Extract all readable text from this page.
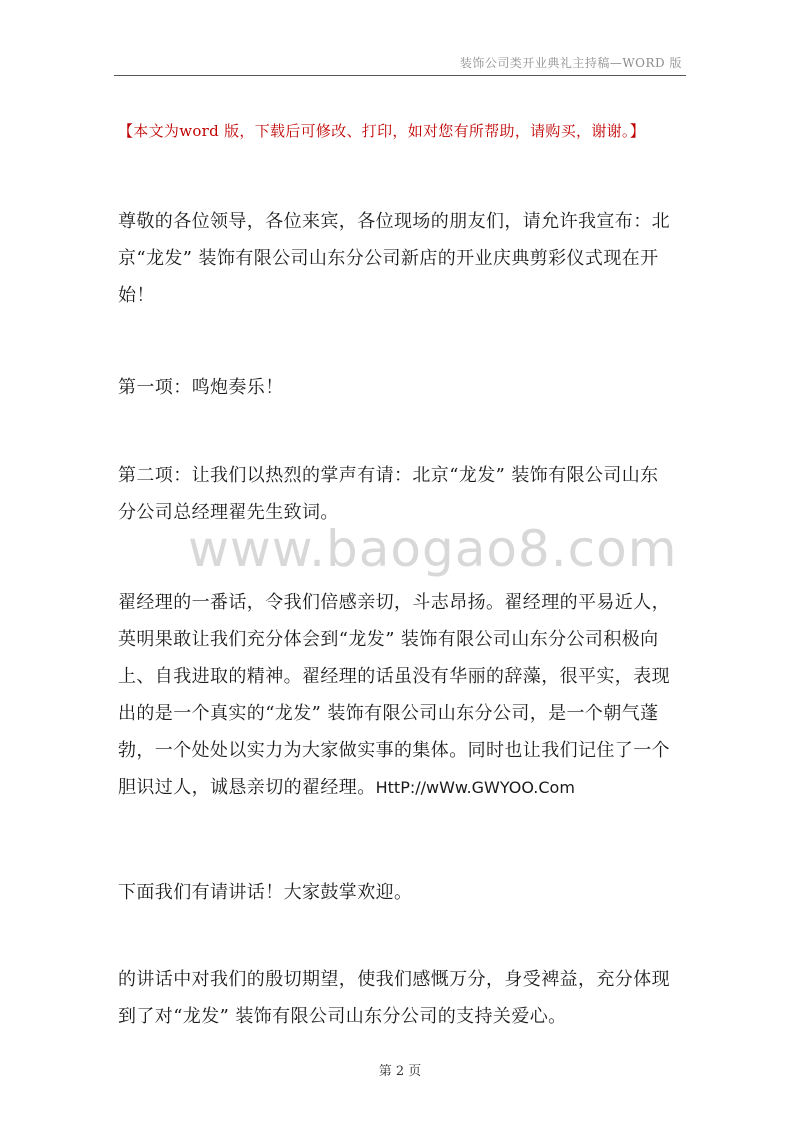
装饰公司类开业典礼主持稿—WORD 版
【本文为word 版，下载后可修改、打印，如对您有所帮助，请购买，谢谢。】
www.baogao8.com

尊敬的各位领导，各位来宾，各位现场的朋友们，请允许我宣布：北
京“龙发” 装饰有限公司山东分公司新店的开业庆典剪彩仪式现在开
始！

第一项：鸣炮奏乐！

第二项：让我们以热烈的掌声有请：北京“龙发” 装饰有限公司山东
分公司总经理翟先生致词。

翟经理的一番话，令我们倍感亲切，斗志昂扬。翟经理的平易近人，
英明果敢让我们充分体会到“龙发” 装饰有限公司山东分公司积极向
上、自我进取的精神。翟经理的话虽没有华丽的辞藻，很平实，表现
出的是一个真实的“龙发” 装饰有限公司山东分公司，是一个朝气蓬
勃，一个处处以实力为大家做实事的集体。同时也让我们记住了一个
胆识过人，诚恳亲切的翟经理。HttP://wWw.GWYOO.Com

下面我们有请讲话！大家鼓掌欢迎。

的讲话中对我们的殷切期望，使我们感慨万分，身受裨益，充分体现
到了对“龙发” 装饰有限公司山东分公司的支持关爱心。

第 2 页
